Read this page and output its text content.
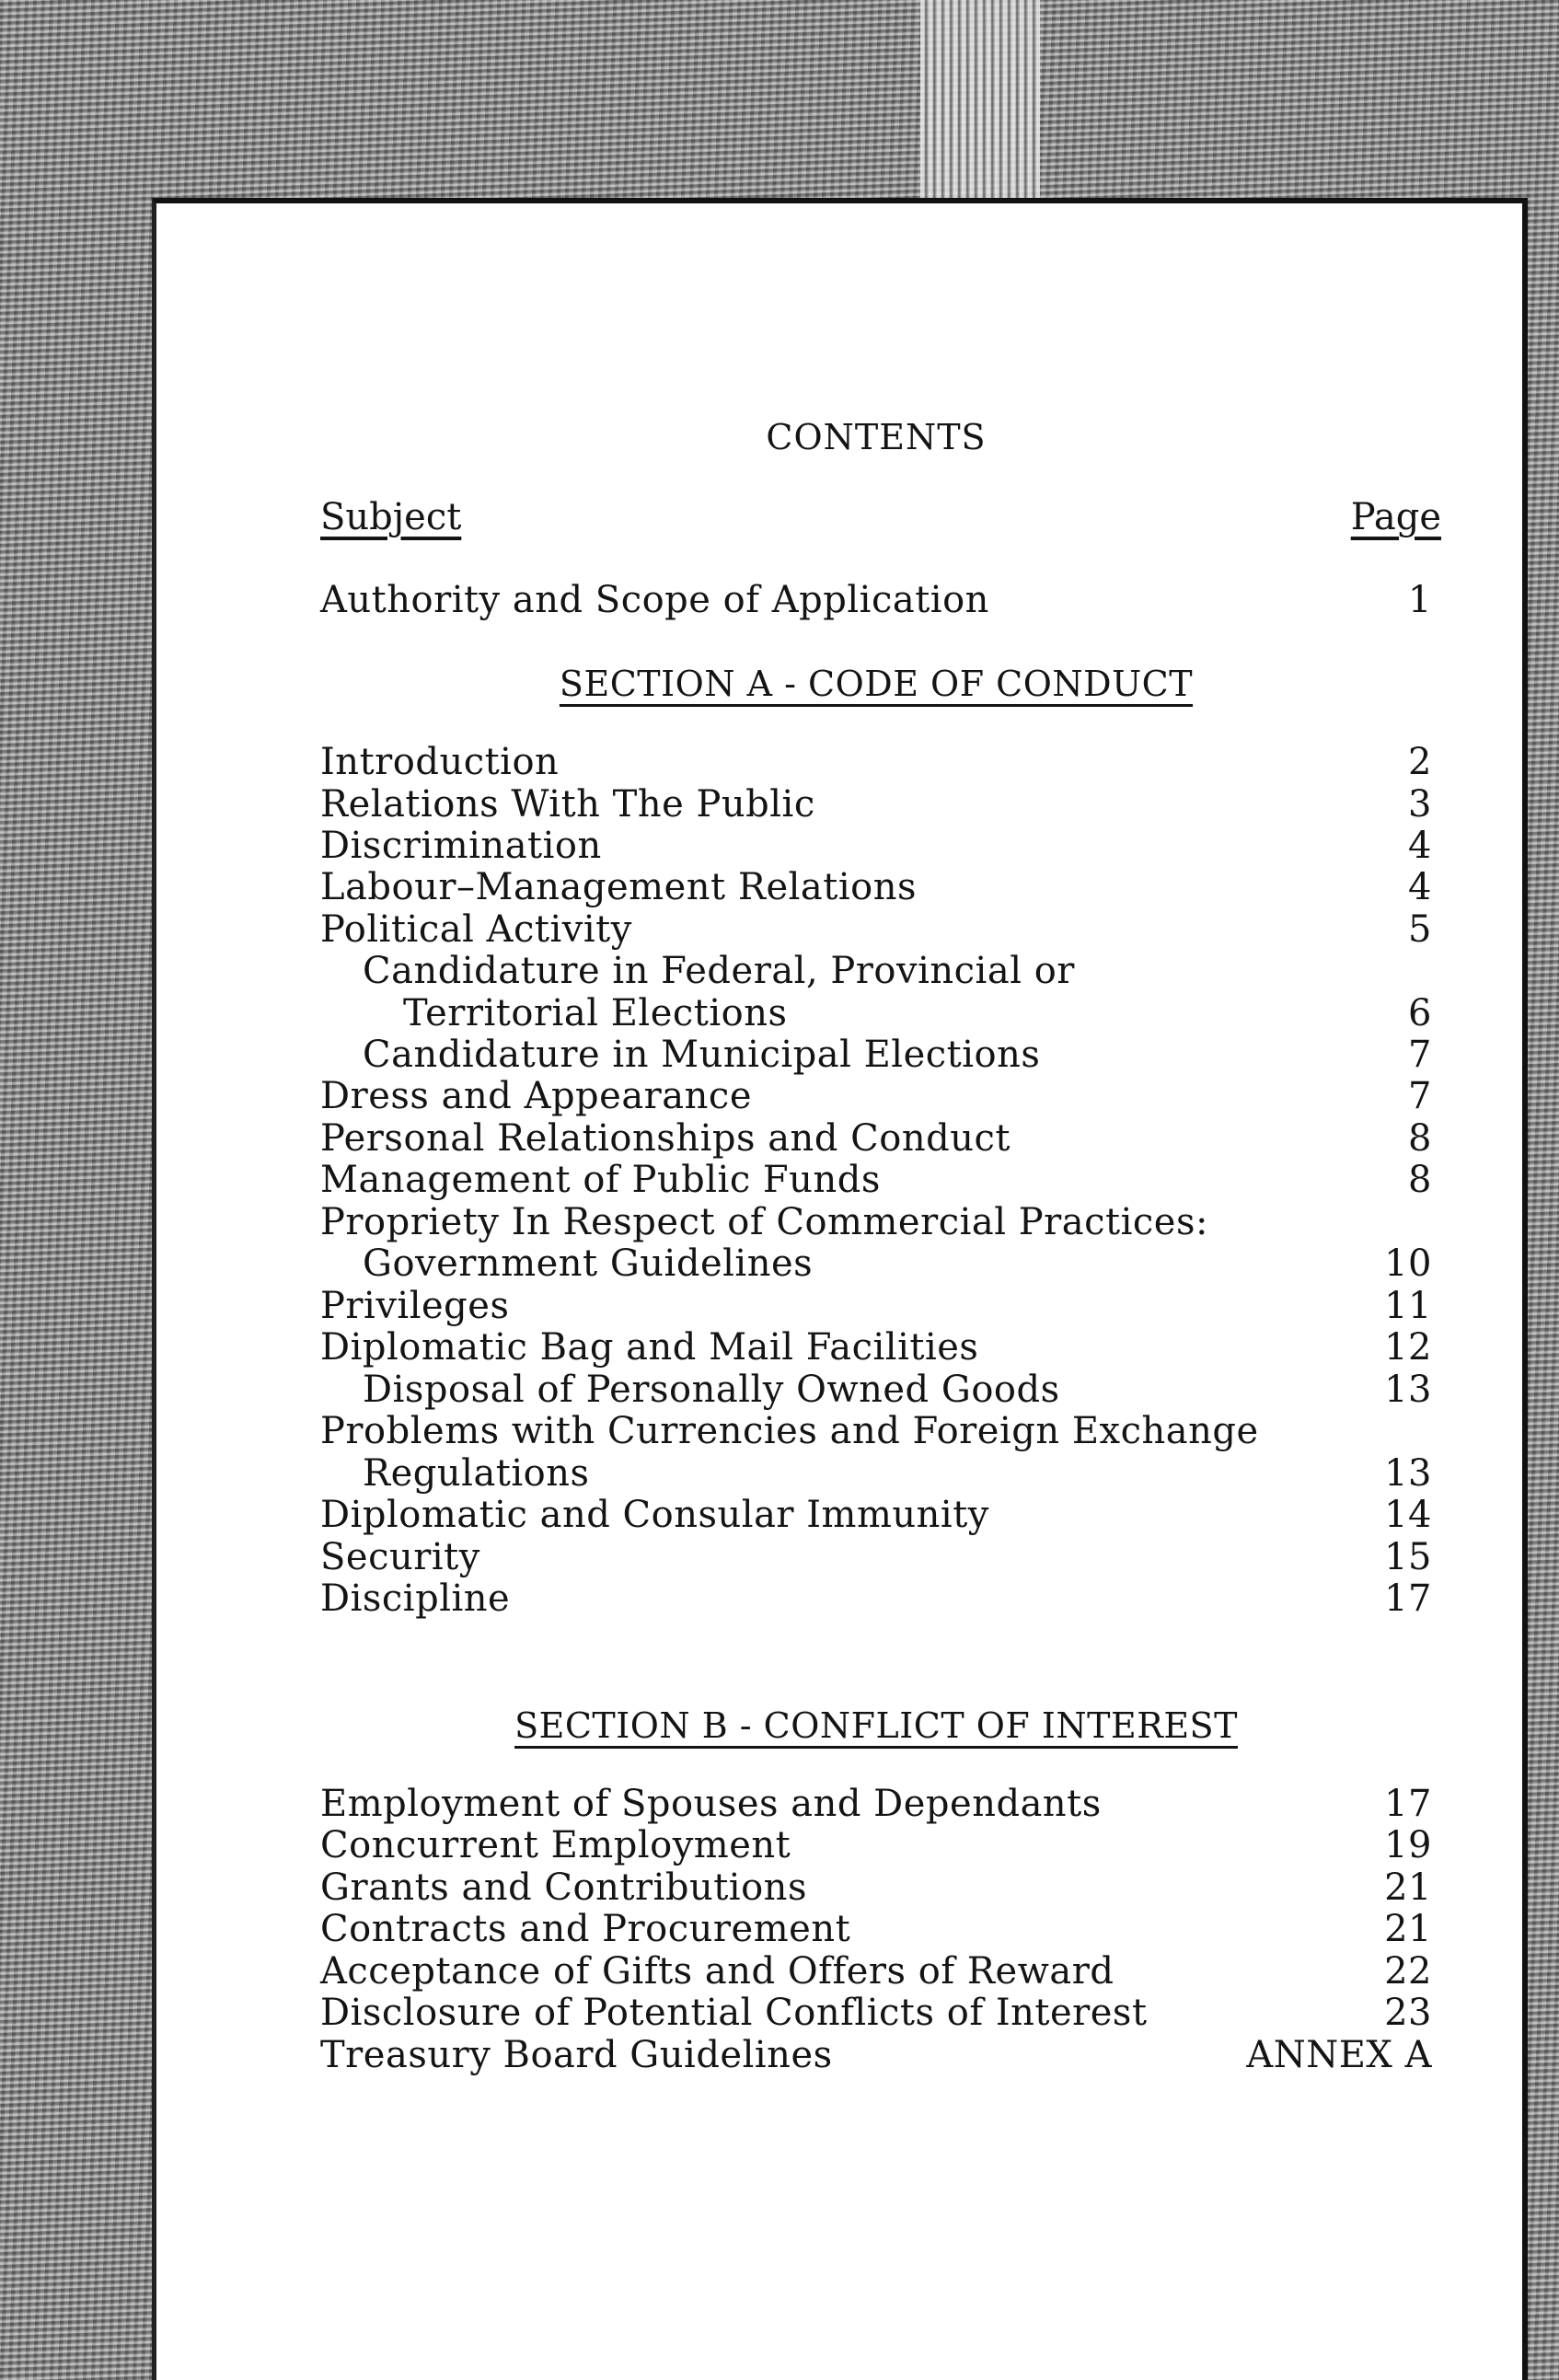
CONTENTS
Subject	Page
Authority and Scope of Application	1
SECTION A - CODE OF CONDUCT
Introduction	2
Relations With The Public	3
Discrimination	4
Labour–Management Relations	4
Political Activity	5
Candidature in Federal, Provincial or
Territorial Elections	6
Candidature in Municipal Elections	7
Dress and Appearance	7
Personal Relationships and Conduct	8
Management of Public Funds	8
Propriety In Respect of Commercial Practices:
Government Guidelines	10
Privileges	11
Diplomatic Bag and Mail Facilities	12
Disposal of Personally Owned Goods	13
Problems with Currencies and Foreign Exchange
Regulations	13
Diplomatic and Consular Immunity	14
Security	15
Discipline	17
SECTION B - CONFLICT OF INTEREST
Employment of Spouses and Dependants	17
Concurrent Employment	19
Grants and Contributions	21
Contracts and Procurement	21
Acceptance of Gifts and Offers of Reward	22
Disclosure of Potential Conflicts of Interest	23
Treasury Board Guidelines	ANNEX A
